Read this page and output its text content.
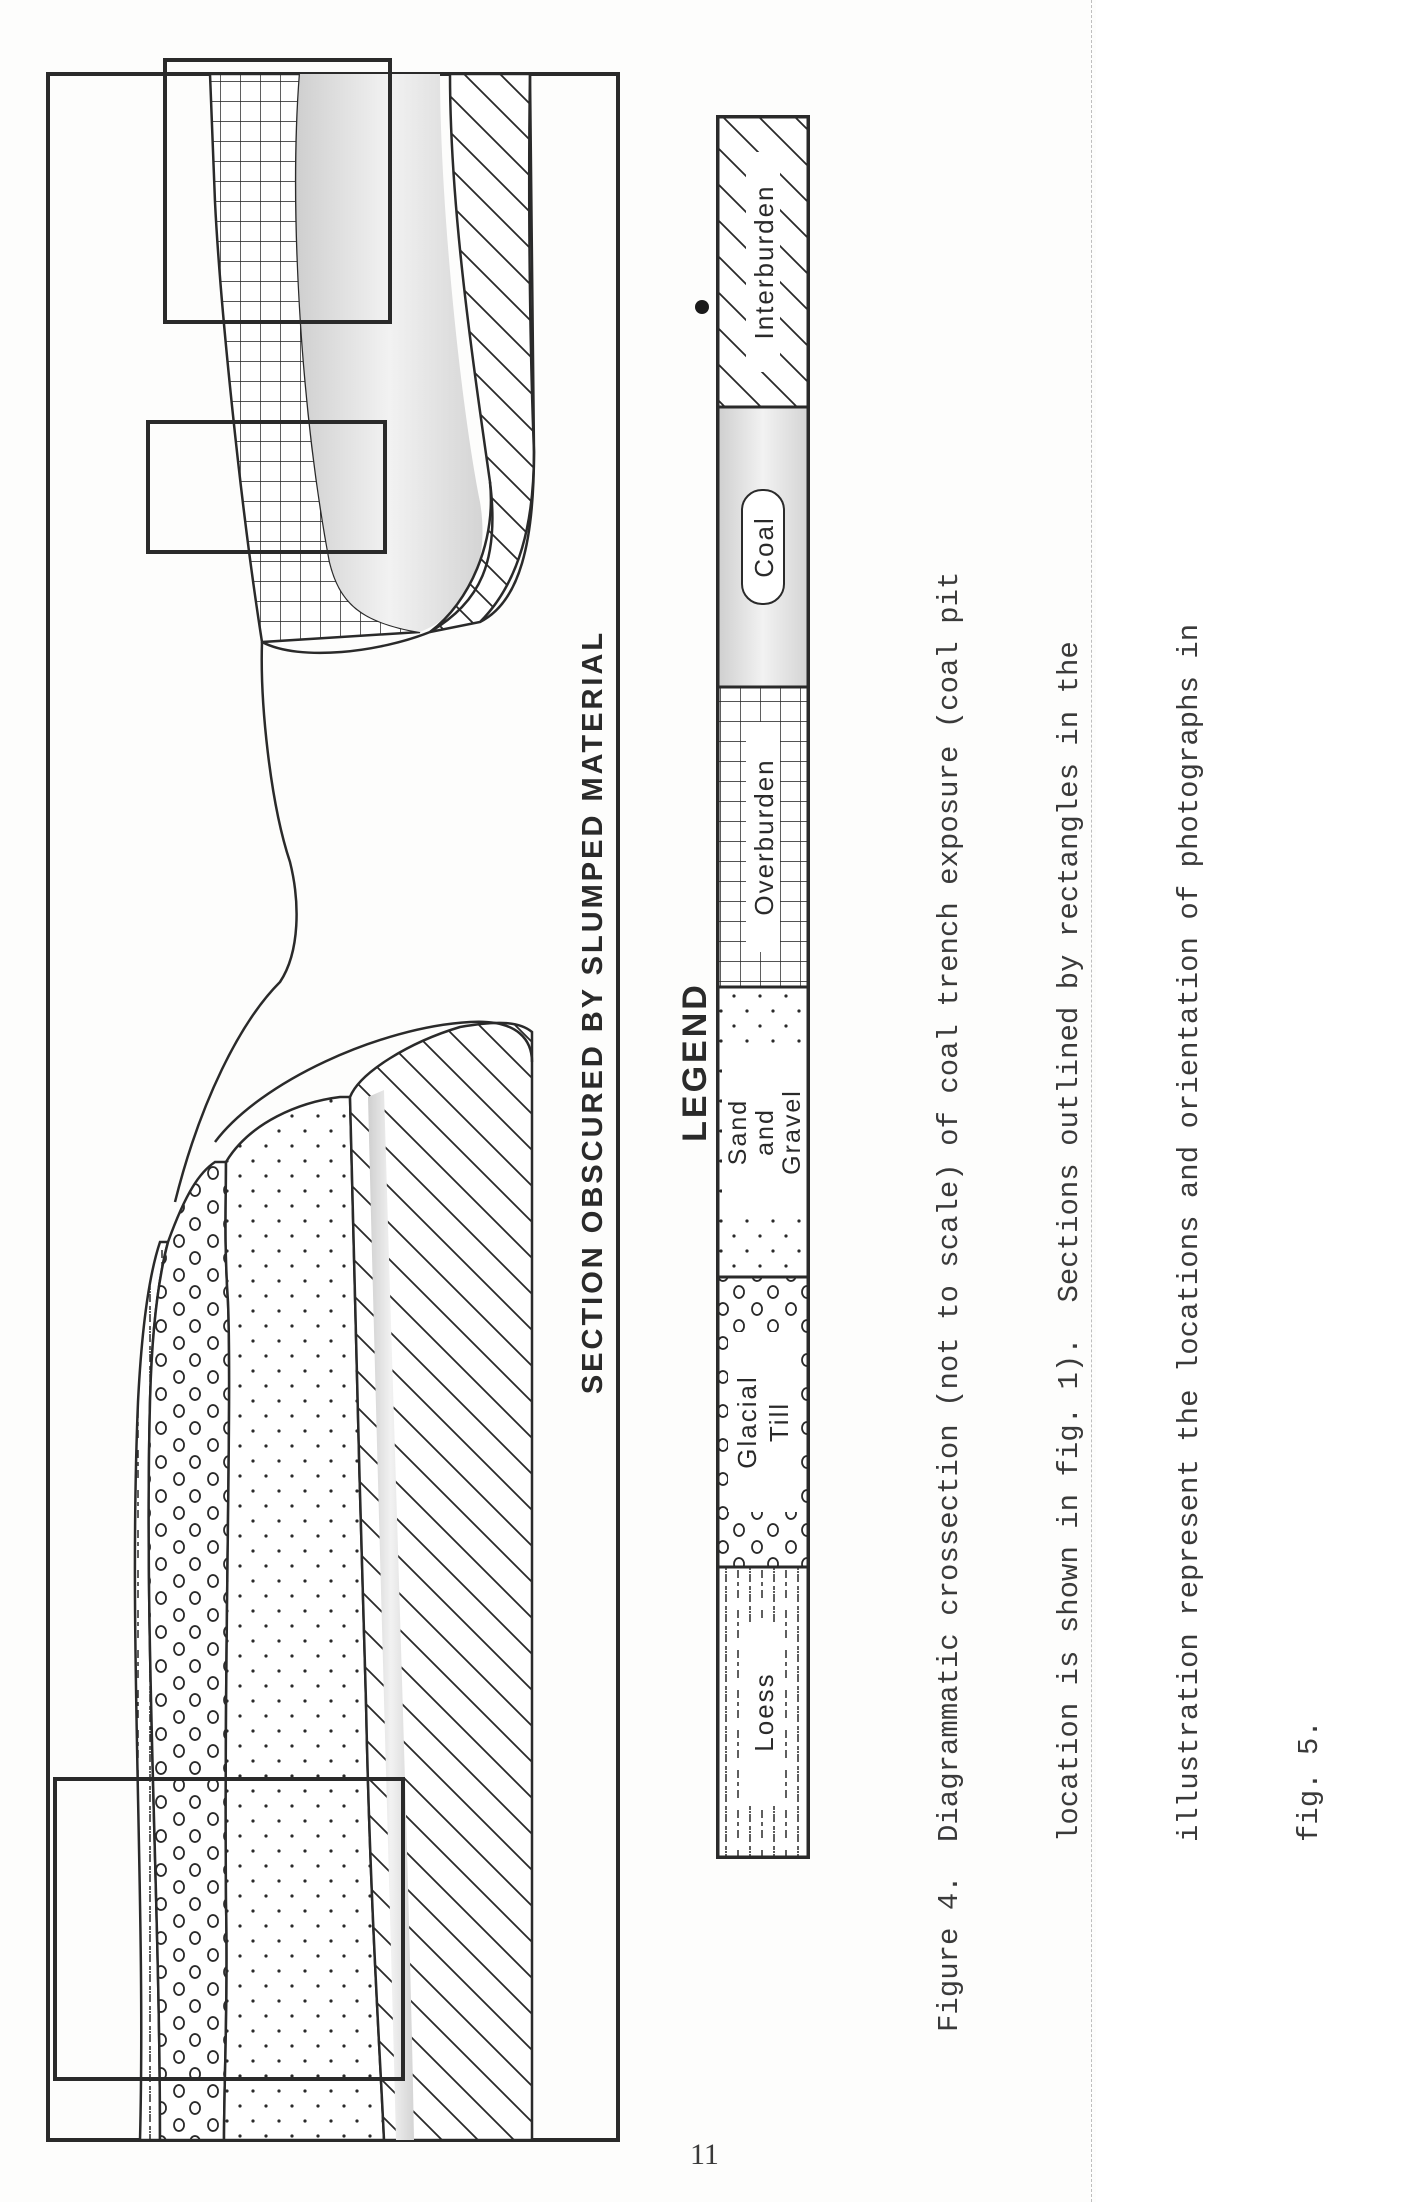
SECTION OBSCURED BY SLUMPED MATERIAL LEGEND
Loess
Glacial Till
Sand and Gravel
Overburden
Coal
Interburden

Figure 4.Diagrammatic crossection (not to scale) of coal trench exposure (coal pit

	location is shown in fig. 1).  Sections outlined by rectangles in the

	illustration represent the locations and orientation of photographs in

	fig. 5.

11
